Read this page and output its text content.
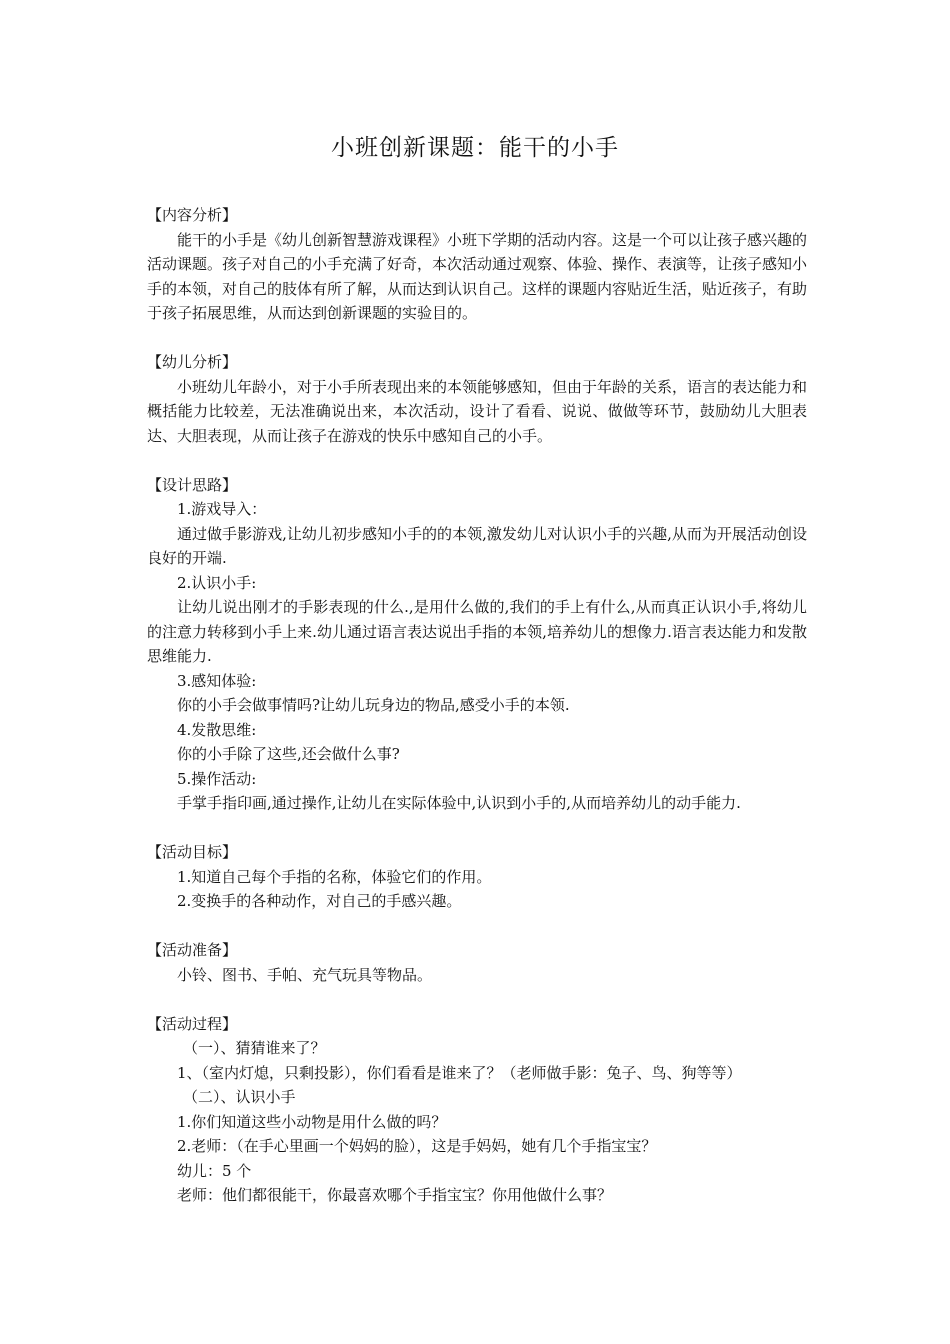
小班创新课题：能干的小手

【内容分析】

能干的小手是《幼儿创新智慧游戏课程》小班下学期的活动内容。这是一个可以让孩子感兴趣的活动课题。孩子对自己的小手充满了好奇，本次活动通过观察、体验、操作、表演等，让孩子感知小手的本领，对自己的肢体有所了解，从而达到认识自己。这样的课题内容贴近生活，贴近孩子，有助于孩子拓展思维，从而达到创新课题的实验目的。

【幼儿分析】

小班幼儿年龄小，对于小手所表现出来的本领能够感知，但由于年龄的关系，语言的表达能力和概括能力比较差，无法准确说出来，本次活动，设计了看看、说说、做做等环节，鼓励幼儿大胆表达、大胆表现，从而让孩子在游戏的快乐中感知自己的小手。

【设计思路】

1.游戏导入：

通过做手影游戏,让幼儿初步感知小手的的本领,激发幼儿对认识小手的兴趣,从而为开展活动创设良好的开端.

2.认识小手:

让幼儿说出刚才的手影表现的什么.,是用什么做的,我们的手上有什么,从而真正认识小手,将幼儿的注意力转移到小手上来.幼儿通过语言表达说出手指的本领,培养幼儿的想像力.语言表达能力和发散思维能力.

3.感知体验:

你的小手会做事情吗?让幼儿玩身边的物品,感受小手的本领.

4.发散思维:

你的小手除了这些,还会做什么事?

5.操作活动:

手掌手指印画,通过操作,让幼儿在实际体验中,认识到小手的,从而培养幼儿的动手能力.

【活动目标】

1.知道自己每个手指的名称，体验它们的作用。

2.变换手的各种动作，对自己的手感兴趣。

【活动准备】

小铃、图书、手帕、充气玩具等物品。

【活动过程】

（一）、猜猜谁来了？

1、（室内灯熄，只剩投影），你们看看是谁来了？（老师做手影：兔子、鸟、狗等等）

（二）、认识小手

1.你们知道这些小动物是用什么做的吗？

2.老师：（在手心里画一个妈妈的脸），这是手妈妈，她有几个手指宝宝？

幼儿：5 个

老师：他们都很能干，你最喜欢哪个手指宝宝？你用他做什么事？
